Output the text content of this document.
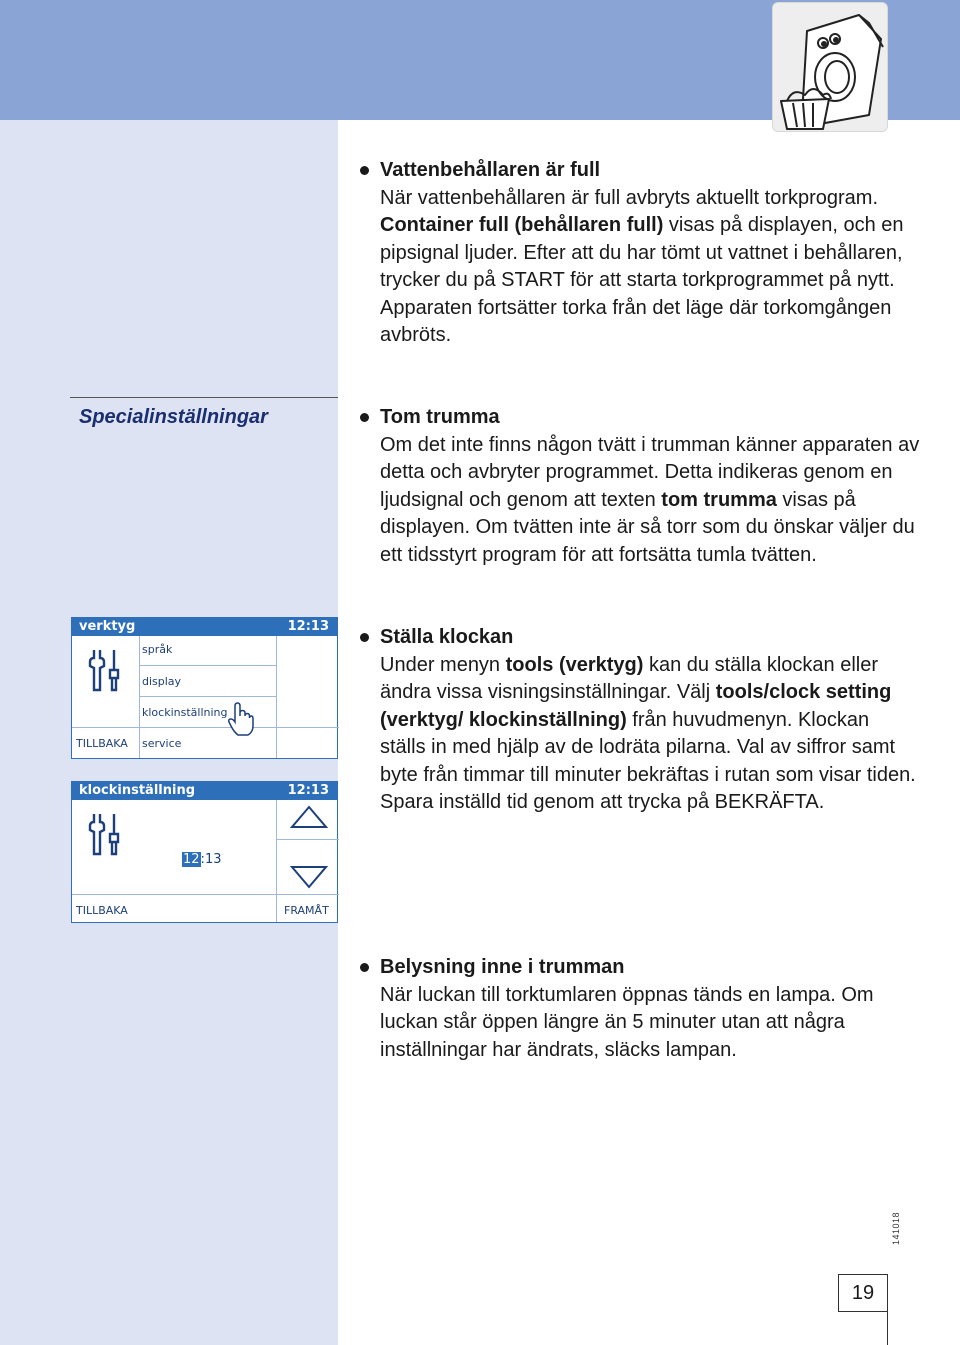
Specialinställningar
Vattenbehållaren är full
När vattenbehållaren är full avbryts aktuellt torkprogram. Container full (behållaren full) visas på displayen, och en pipsignal ljuder. Efter att du har tömt ut vattnet i behållaren, trycker du på START för att starta torkprogrammet på nytt. Apparaten fortsätter torka från det läge där torkomgången avbröts.
Tom trumma
Om det inte finns någon tvätt i trumman känner apparaten av detta och avbryter programmet. Detta indikeras genom en ljudsignal och genom att texten tom trumma visas på displayen. Om tvätten inte är så torr som du önskar väljer du ett tidsstyrt program för att fortsätta tumla tvätten.
Ställa klockan
Under menyn tools (verktyg) kan du ställa klockan eller ändra vissa visningsinställningar. Välj tools/clock setting (verktyg/ klockinställning) från huvudmenyn. Klockan ställs in med hjälp av de lodräta pilarna. Val av siffror samt byte från timmar till minuter bekräftas i rutan som visar tiden. Spara inställd tid genom att trycka på BEKRÄFTA.
Belysning inne i trumman
När luckan till torktumlaren öppnas tänds en lampa. Om luckan står öppen längre än 5 minuter utan att några inställningar har ändrats, släcks lampan.
verktyg	12:13
språk
display
klockinställning
service
TILLBAKA
klockinställning	12:13
12:13
TILLBAKA	FRAMÅT
141018
19
